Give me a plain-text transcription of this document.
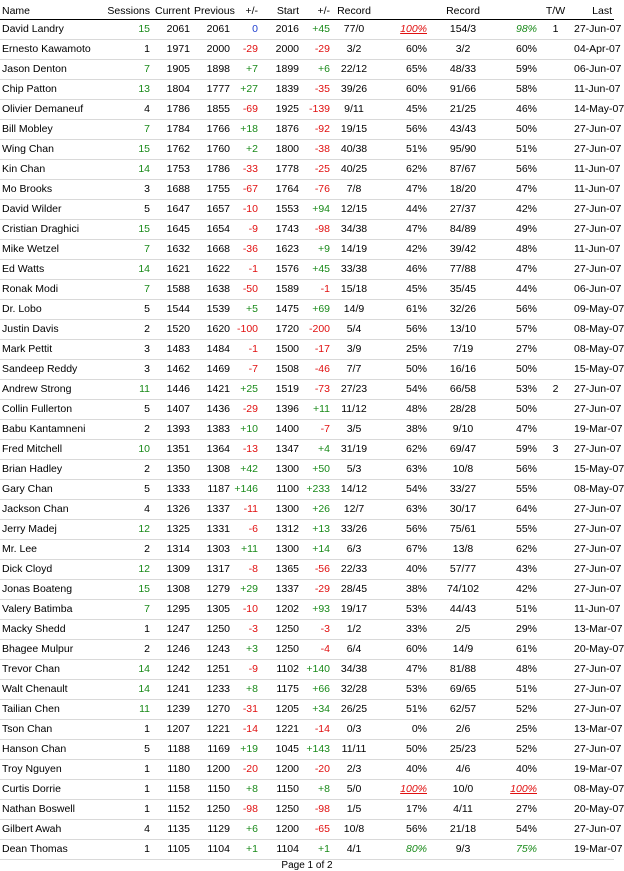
Name	Sessions	Current	Previous	+/-	Start	+/-	Record		Record		T/W	Last
David Landry	15	2061	2061	0	2016	+45	77/0	100%	154/3	98%	1	27-Jun-07
Ernesto Kawamoto	1	1971	2000	-29	2000	-29	3/2	60%	3/2	60%		04-Apr-07
Jason Denton	7	1905	1898	+7	1899	+6	22/12	65%	48/33	59%		06-Jun-07
Chip Patton	13	1804	1777	+27	1839	-35	39/26	60%	91/66	58%		11-Jun-07
Olivier Demaneuf	4	1786	1855	-69	1925	-139	9/11	45%	21/25	46%		14-May-07
Bill Mobley	7	1784	1766	+18	1876	-92	19/15	56%	43/43	50%		27-Jun-07
Wing Chan	15	1762	1760	+2	1800	-38	40/38	51%	95/90	51%		27-Jun-07
Kin Chan	14	1753	1786	-33	1778	-25	40/25	62%	87/67	56%		11-Jun-07
Mo Brooks	3	1688	1755	-67	1764	-76	7/8	47%	18/20	47%		11-Jun-07
David Wilder	5	1647	1657	-10	1553	+94	12/15	44%	27/37	42%		27-Jun-07
Cristian Draghici	15	1645	1654	-9	1743	-98	34/38	47%	84/89	49%		27-Jun-07
Mike Wetzel	7	1632	1668	-36	1623	+9	14/19	42%	39/42	48%		11-Jun-07
Ed Watts	14	1621	1622	-1	1576	+45	33/38	46%	77/88	47%		27-Jun-07
Ronak Modi	7	1588	1638	-50	1589	-1	15/18	45%	35/45	44%		06-Jun-07
Dr. Lobo	5	1544	1539	+5	1475	+69	14/9	61%	32/26	56%		09-May-07
Justin Davis	2	1520	1620	-100	1720	-200	5/4	56%	13/10	57%		08-May-07
Mark Pettit	3	1483	1484	-1	1500	-17	3/9	25%	7/19	27%		08-May-07
Sandeep Reddy	3	1462	1469	-7	1508	-46	7/7	50%	16/16	50%		15-May-07
Andrew Strong	11	1446	1421	+25	1519	-73	27/23	54%	66/58	53%	2	27-Jun-07
Collin Fullerton	5	1407	1436	-29	1396	+11	11/12	48%	28/28	50%		27-Jun-07
Babu Kantamneni	2	1393	1383	+10	1400	-7	3/5	38%	9/10	47%		19-Mar-07
Fred Mitchell	10	1351	1364	-13	1347	+4	31/19	62%	69/47	59%	3	27-Jun-07
Brian Hadley	2	1350	1308	+42	1300	+50	5/3	63%	10/8	56%		15-May-07
Gary Chan	5	1333	1187	+146	1100	+233	14/12	54%	33/27	55%		08-May-07
Jackson Chan	4	1326	1337	-11	1300	+26	12/7	63%	30/17	64%		27-Jun-07
Jerry Madej	12	1325	1331	-6	1312	+13	33/26	56%	75/61	55%		27-Jun-07
Mr. Lee	2	1314	1303	+11	1300	+14	6/3	67%	13/8	62%		27-Jun-07
Dick Cloyd	12	1309	1317	-8	1365	-56	22/33	40%	57/77	43%		27-Jun-07
Jonas Boateng	15	1308	1279	+29	1337	-29	28/45	38%	74/102	42%		27-Jun-07
Valery Batimba	7	1295	1305	-10	1202	+93	19/17	53%	44/43	51%		11-Jun-07
Macky Shedd	1	1247	1250	-3	1250	-3	1/2	33%	2/5	29%		13-Mar-07
Bhagee Mulpur	2	1246	1243	+3	1250	-4	6/4	60%	14/9	61%		20-May-07
Trevor Chan	14	1242	1251	-9	1102	+140	34/38	47%	81/88	48%		27-Jun-07
Walt Chenault	14	1241	1233	+8	1175	+66	32/28	53%	69/65	51%		27-Jun-07
Tailian Chen	11	1239	1270	-31	1205	+34	26/25	51%	62/57	52%		27-Jun-07
Tson Chan	1	1207	1221	-14	1221	-14	0/3	0%	2/6	25%		13-Mar-07
Hanson Chan	5	1188	1169	+19	1045	+143	11/11	50%	25/23	52%		27-Jun-07
Troy Nguyen	1	1180	1200	-20	1200	-20	2/3	40%	4/6	40%		19-Mar-07
Curtis Dorrie	1	1158	1150	+8	1150	+8	5/0	100%	10/0	100%		08-May-07
Nathan Boswell	1	1152	1250	-98	1250	-98	1/5	17%	4/11	27%		20-May-07
Gilbert Awah	4	1135	1129	+6	1200	-65	10/8	56%	21/18	54%		27-Jun-07
Dean Thomas	1	1105	1104	+1	1104	+1	4/1	80%	9/3	75%		19-Mar-07
Page 1 of 2
